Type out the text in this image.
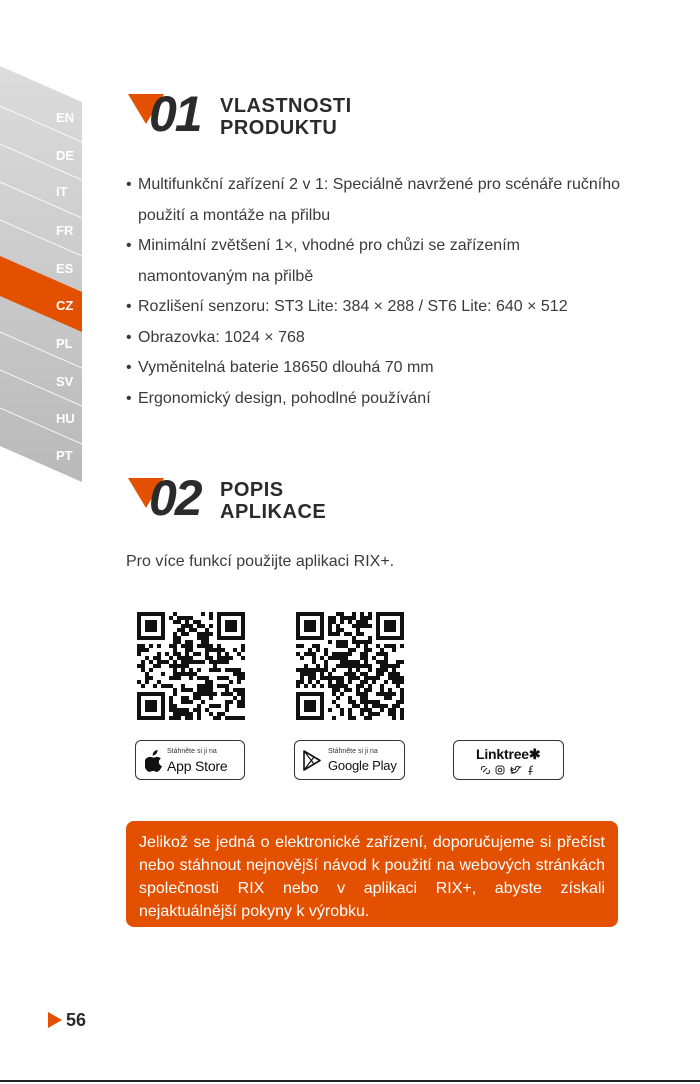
EN
DE
IT
FR
ES
CZ
PL
SV
HU
PT
01 VLASTNOSTI
PRODUKTU
• Multifunkční zařízení 2 v 1: Speciálně navržené pro scénáře ručního použití a montáže na přilbu
• Minimální zvětšení 1×, vhodné pro chůzi se zařízením namontovaným na přilbě
• Rozlišení senzoru: ST3 Lite: 384 × 288 / ST6 Lite: 640 × 512
• Obrazovka: 1024 × 768
• Vyměnitelná baterie 18650 dlouhá 70 mm
• Ergonomický design, pohodlné používání
02 POPIS
APLIKACE
Pro více funkcí použijte aplikaci RIX+.
Stáhněte si ji na
App Store
Stáhněte si ji na
Google Play
Linktree✱
Jelikož se jedná o elektronické zařízení, doporučujeme si přečíst nebo stáhnout nejnovější návod k použití na webových stránkách společnosti RIX nebo v aplikaci RIX+, abyste získali nejaktuálnější pokyny k výrobku.
56
